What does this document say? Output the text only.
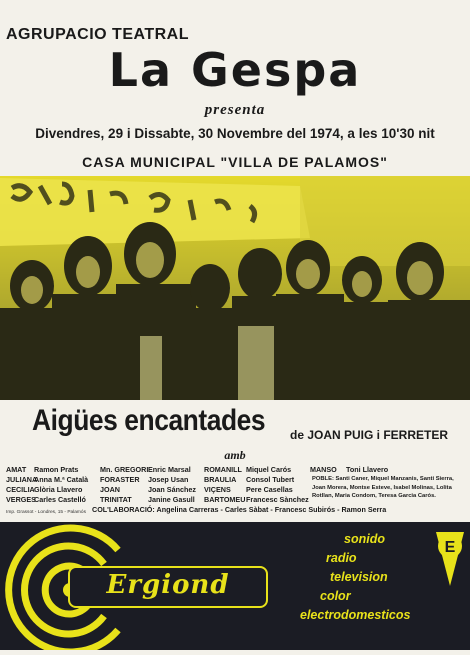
AGRUPACIO TEATRAL
La Gespa
presenta
Divendres, 29 i Dissabte, 30 Novembre del 1974, a les 10'30 nit
CASA MUNICIPAL "VILLA DE PALAMOS"
Aigües encantades de JOAN PUIG i FERRETER
amb
AMAT Ramon Prats
JULIANAAnna M.ª Català
CECILIAGlòria Llavero
VERGESCarles Castelló
Mn. GREGORIEnric Marsal
FORASTER Josep Usan
JOAN	Joan Sánchez
TRINITAT Janine Gasull
ROMANILL Miquel Carós
BRAULIA Consol Tubert
VIÇENS Pere Casellas
BARTOMEUFrancesc Sànchez
MANSO Toni Llavero
POBLE: Santi Caner, Miquel Manzanis, Santi Sierra, Joan Morera, Montse Esteve, Isabel Molinas, Lolita Rotllan, Maria Condom, Teresa Garcia Carós.
COL'LABORACIÓ: Angelina Carreras - Carles Sàbat - Francesc Subirós - Ramon Serra
Imp. Grassot - Londres, 15 - Palamós
E
Ergiond
sonido
radio
television
color
electrodomesticos
